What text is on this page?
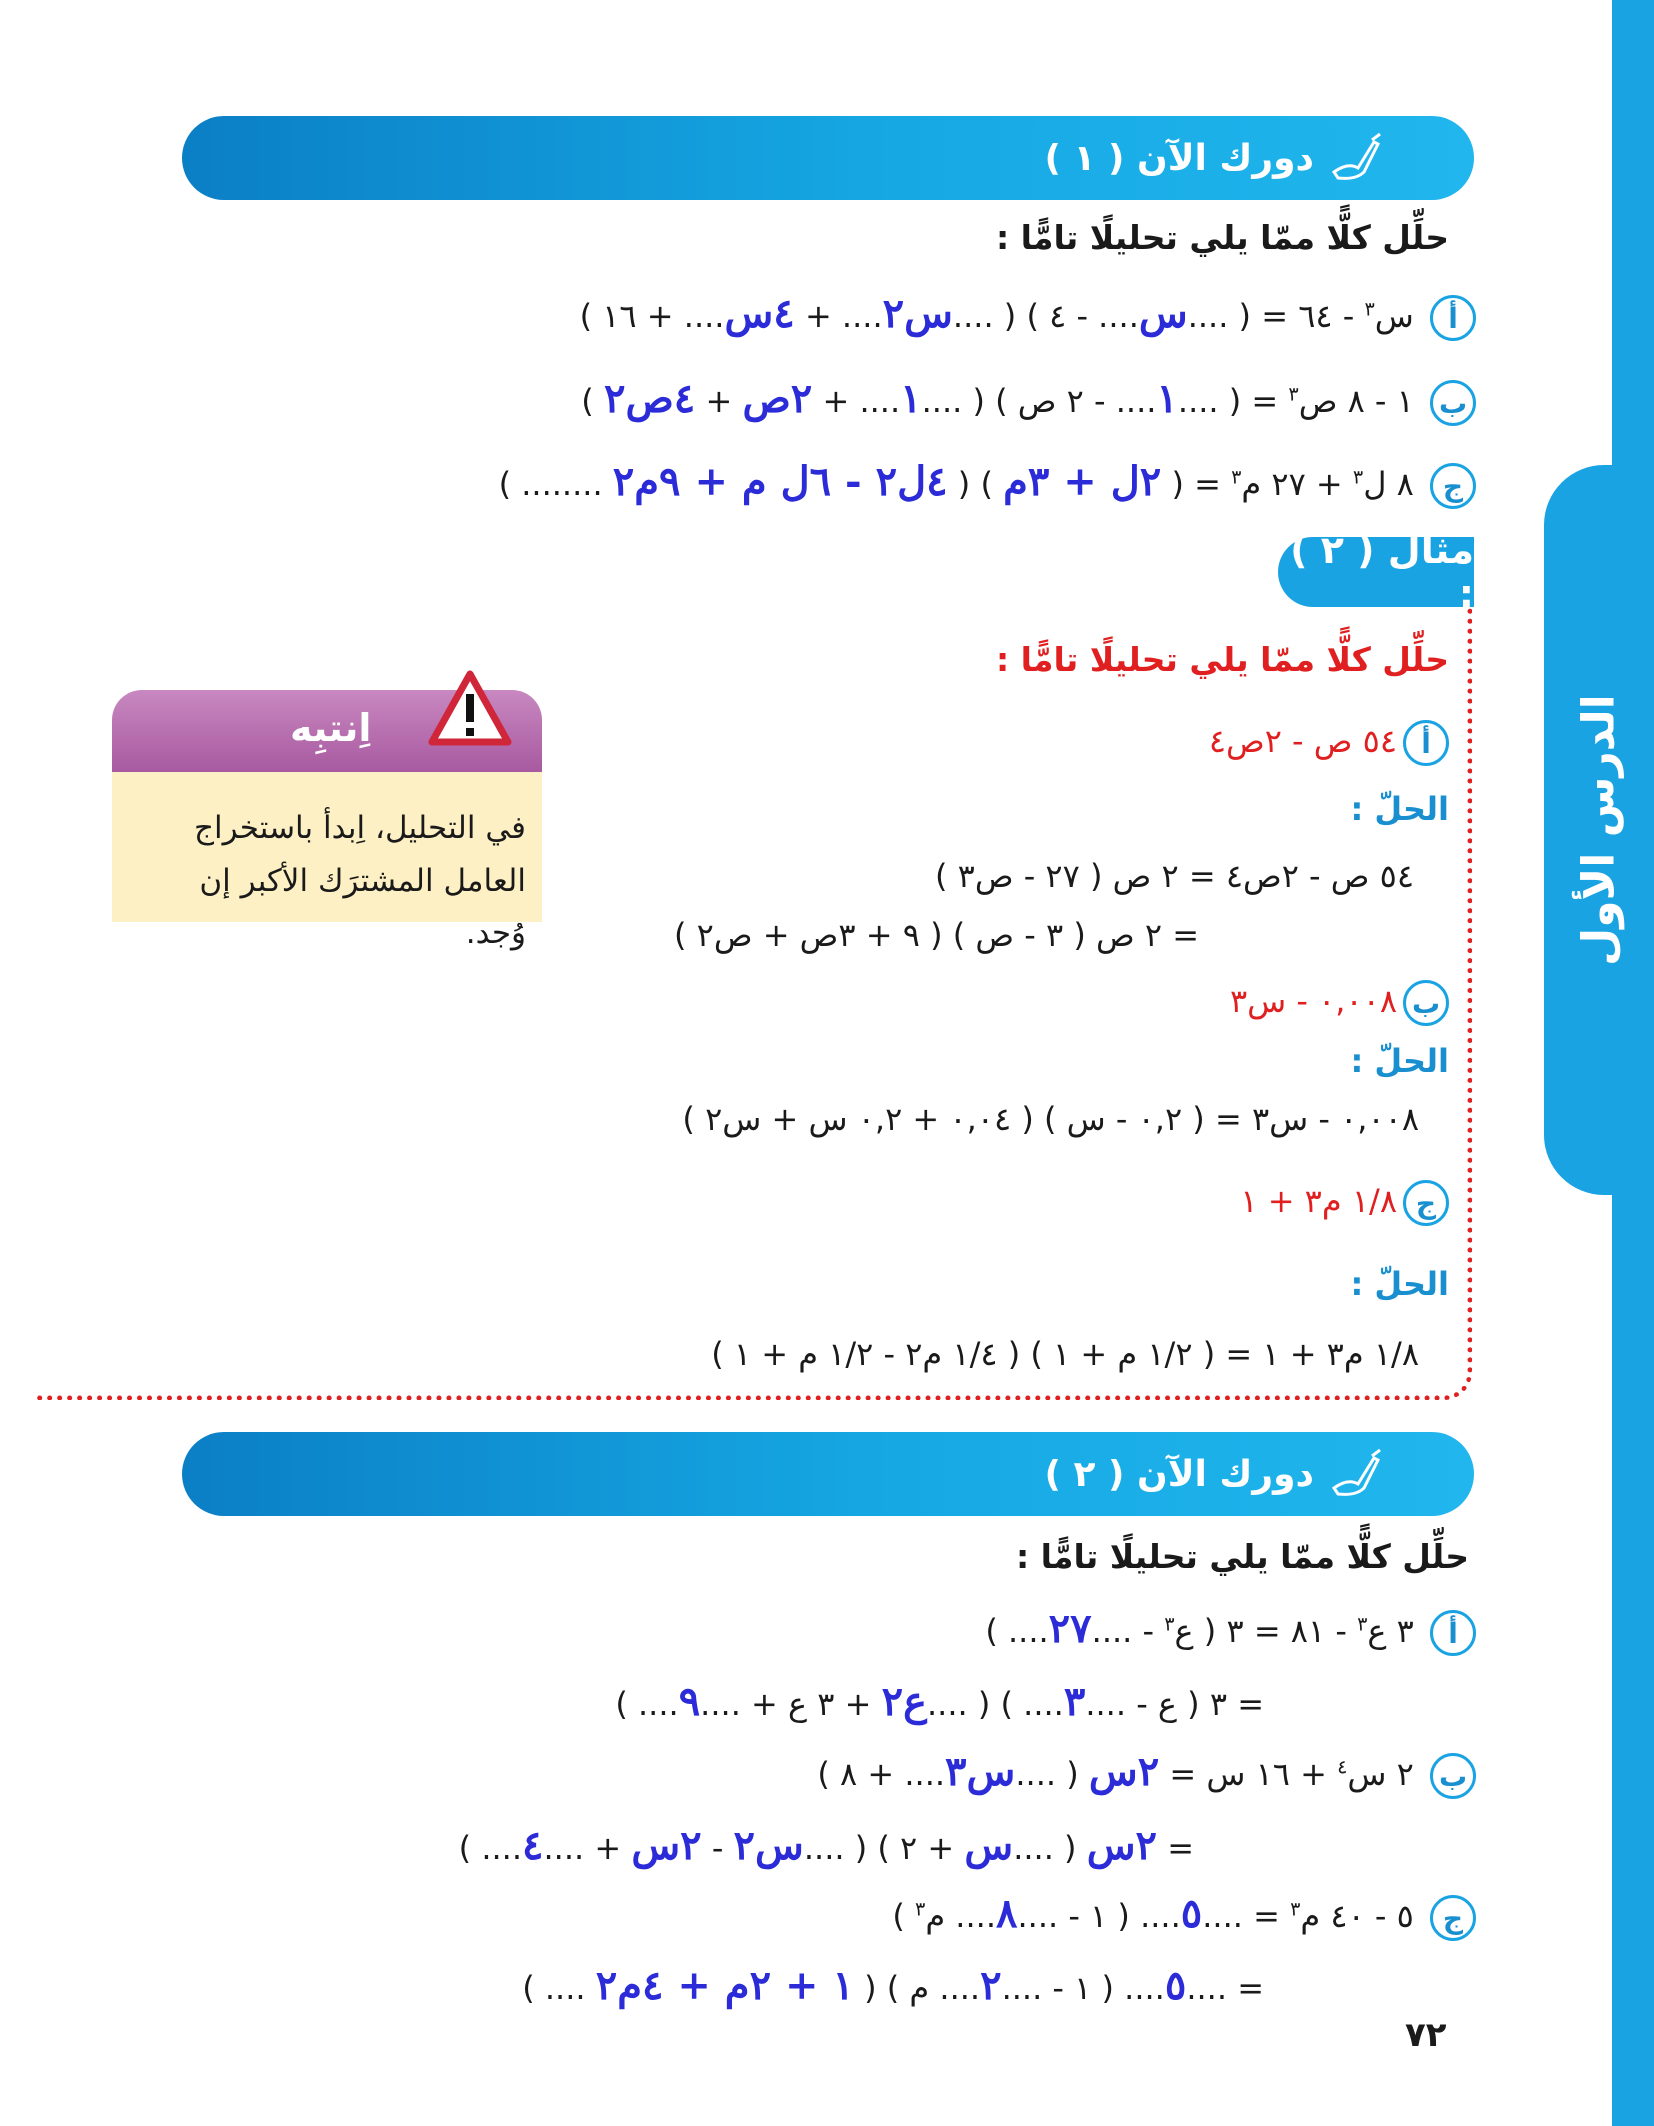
الدرس الأول
دورك الآن ( ١ )
حلِّل كلًّا ممّا يلي تحليلًا تامًّا :
أ س$^٣$ - ٦٤ = ( ....س.... - ٤ ) ( ....س٢.... + ٤س.... + ١٦ )
ب ١ - ٨ ص$^٣$ = ( ....١.... - ٢ ص ) ( ....١.... + ٢ص + ٤ص٢ )
ج ٨ ل$^٣$ + ٢٧ م$^٣$ = ( ٢ل + ٣م ) ( ٤ل٢ - ٦ل م + ٩م٢ ........ )
مثال ( ٢ ) :
حلِّل كلًّا ممّا يلي تحليلًا تامًّا :
أ٥٤ ص - ٢ص٤
الحلّ :
٥٤ ص - ٢ص٤ = ٢ ص ( ٢٧ - ص٣ )
= ٢ ص ( ٣ - ص ) ( ٩ + ٣ص + ص٢ )
ب٠,٠٠٨ - س٣
الحلّ :
٠,٠٠٨ - س٣ = ( ٠,٢ - س ) ( ٠,٠٤ + ٠,٢ س + س٢ )
ج١/٨ م٣ + ١
الحلّ :
١/٨ م٣ + ١ = ( ١/٢ م + ١ ) ( ١/٤ م٢ - ١/٢ م + ١ )
اِنتبِه
في التحليل، اِبدأ باستخراج
العامل المشترَك الأكبر إن وُجد.
دورك الآن ( ٢ )
حلِّل كلًّا ممّا يلي تحليلًا تامًّا :
أ ٣ ع$^٣$ - ٨١ = ٣ ( ع$^٣$ - ....٢٧.... )
= ٣ ( ع - ....٣.... ) ( ....ع٢ + ٣ ع + ....٩.... )
ب ٢ س$^٤$ + ١٦ س = ٢س ( ....س٣.... + ٨ )
= ٢س ( ....س + ٢ ) ( ....س٢ - ٢س + ....٤.... )
ج ٥ - ٤٠ م$^٣$ = ....٥.... ( ١ - ....٨.... م$^٣$ )
= ....٥.... ( ١ - ....٢.... م ) ( ١ + ٢م + ٤م٢ .... )
٧٢
